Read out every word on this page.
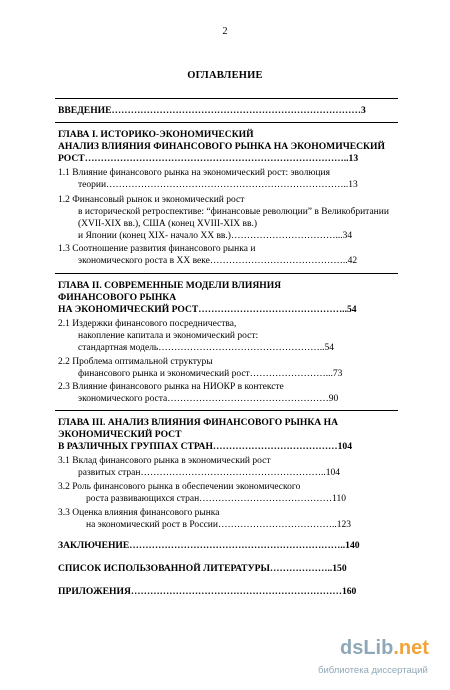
2
ОГЛАВЛЕНИЕ
ВВЕДЕНИЕ……………………………………………………………………3
ГЛАВА I. ИСТОРИКО-ЭКОНОМИЧЕСКИЙ
АНАЛИЗ ВЛИЯНИЯ ФИНАНСОВОГО РЫНКА НА ЭКОНОМИЧЕСКИЙ
РОСТ………………………………………………………………………..13
1.1 Влияние финансового рынка на экономический рост: эволюция
теории…………………………………………………………………..13
1.2 Финансовый рынок и экономический рост
в исторической ретроспективе: “финансовые революции” в Великобритании
(XVII-XIX вв.), США (конец XVIII-XIX вв.)
и Японии (конец XIX- начало XX вв.)……………………………...34
1.3 Соотношение развития финансового рынка и
экономического роста в XX веке……………………………………..42
ГЛАВА II. СОВРЕМЕННЫЕ МОДЕЛИ ВЛИЯНИЯ
ФИНАНСОВОГО РЫНКА
НА ЭКОНОМИЧЕСКИЙ РОСТ………………………………………..54
2.1 Издержки финансового посредничества,
накопление капитала и экономический рост:
стандартная модель……………………………………………..54
2.2 Проблема оптимальной структуры
финансового рынка и экономический рост……………………...73
2.3 Влияние финансового рынка на НИОКР в контексте
экономического роста……………………………………………90
ГЛАВА III. АНАЛИЗ ВЛИЯНИЯ ФИНАНСОВОГО РЫНКА НА
ЭКОНОМИЧЕСКИЙ РОСТ
В РАЗЛИЧНЫХ ГРУППАХ СТРАН…………………………………104
3.1 Вклад финансового рынка в экономический рост
развитых стран…………………………………………………..104
3.2 Роль финансового рынка в обеспечении экономического
роста развивающихся стран……………………………………110
3.3 Оценка влияния финансового рынка
на экономический рост в России………………………………..123
ЗАКЛЮЧЕНИЕ…………………………………………………………..140
СПИСОК ИСПОЛЬЗОВАННОЙ ЛИТЕРАТУРЫ………………..150
ПРИЛОЖЕНИЯ…………………………………………………………160
dsLib.net
библиотека диссертаций
